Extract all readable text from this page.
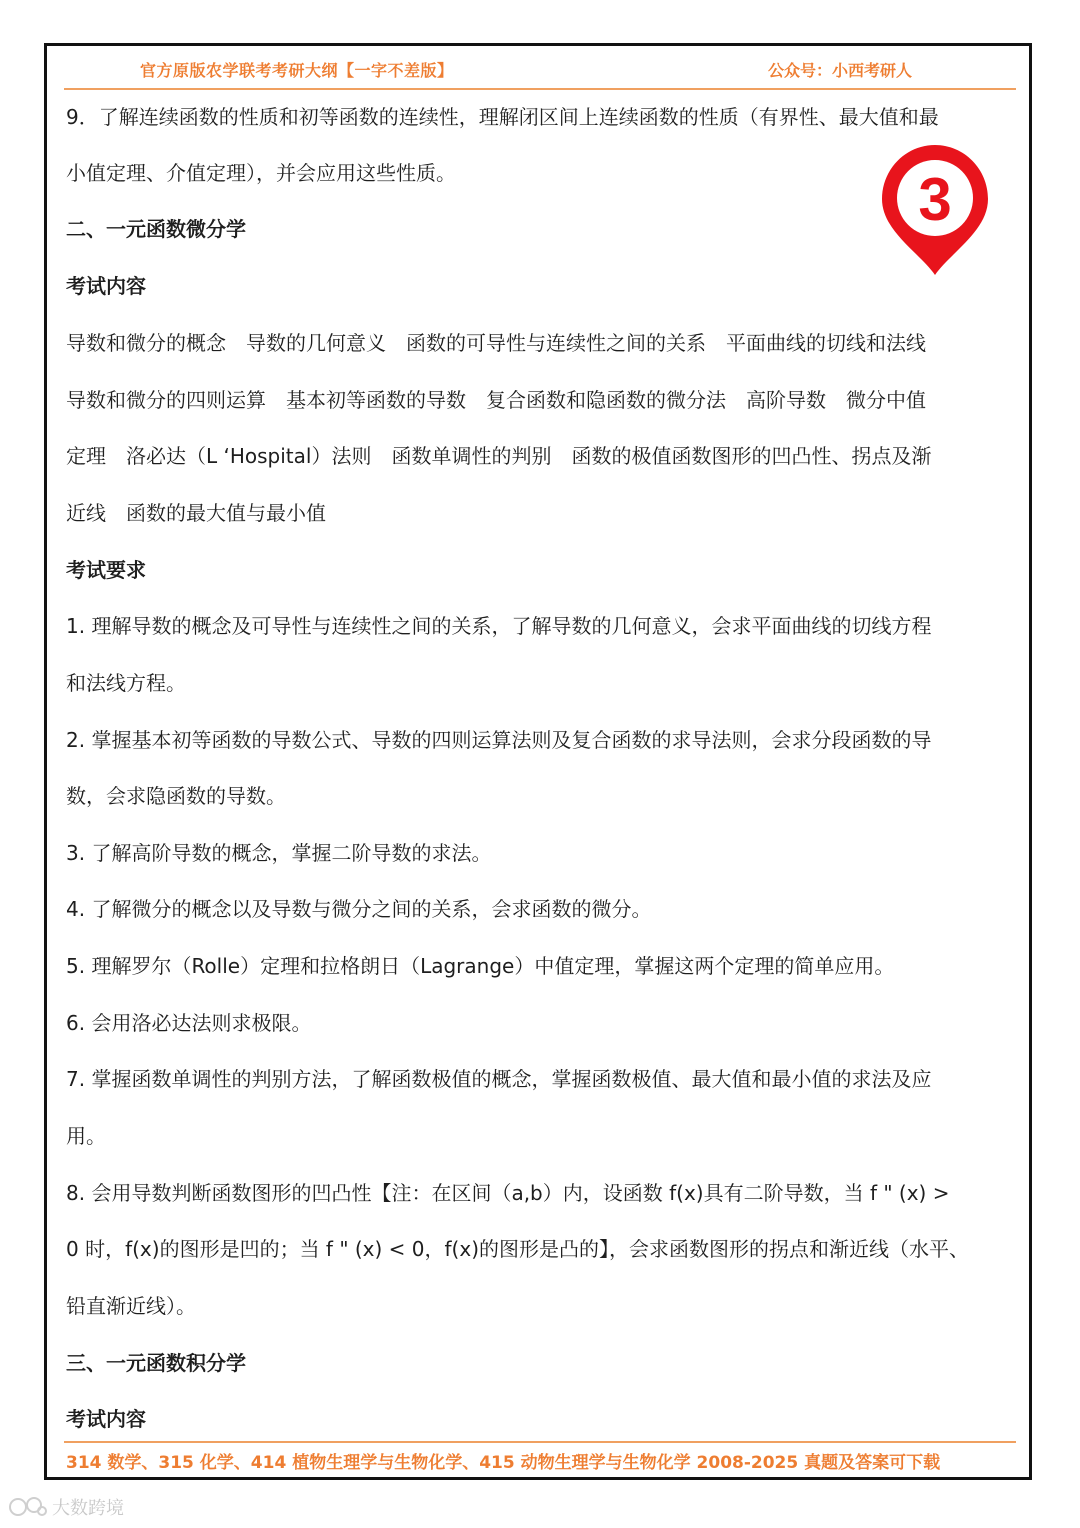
官方原版农学联考考研大纲【一字不差版】	公众号：小西考研人
3
9．了解连续函数的性质和初等函数的连续性，理解闭区间上连续函数的性质（有界性、最大值和最
小值定理、介值定理），并会应用这些性质。
二、一元函数微分学
考试内容
导数和微分的概念　导数的几何意义　函数的可导性与连续性之间的关系　平面曲线的切线和法线
导数和微分的四则运算　基本初等函数的导数　复合函数和隐函数的微分法　高阶导数　微分中值
定理　洛必达（L ‘Hospital）法则　函数单调性的判别　函数的极值函数图形的凹凸性、拐点及渐
近线　函数的最大值与最小值
考试要求
1. 理解导数的概念及可导性与连续性之间的关系，了解导数的几何意义，会求平面曲线的切线方程
和法线方程。
2. 掌握基本初等函数的导数公式、导数的四则运算法则及复合函数的求导法则，会求分段函数的导
数，会求隐函数的导数。
3. 了解高阶导数的概念，掌握二阶导数的求法。
4. 了解微分的概念以及导数与微分之间的关系，会求函数的微分。
5. 理解罗尔（Rolle）定理和拉格朗日（Lagrange）中值定理，掌握这两个定理的简单应用。
6. 会用洛必达法则求极限。
7. 掌握函数单调性的判别方法，了解函数极值的概念，掌握函数极值、最大值和最小值的求法及应
用。
8. 会用导数判断函数图形的凹凸性【注：在区间（a,b）内，设函数 f(x)具有二阶导数，当 f " (x) >
0 时，f(x)的图形是凹的；当 f " (x) < 0，f(x)的图形是凸的】，会求函数图形的拐点和渐近线（水平、
铅直渐近线）。
三、一元函数积分学
考试内容
314 数学、315 化学、414 植物生理学与生物化学、415 动物生理学与生物化学 2008-2025 真题及答案可下载
大数跨境
